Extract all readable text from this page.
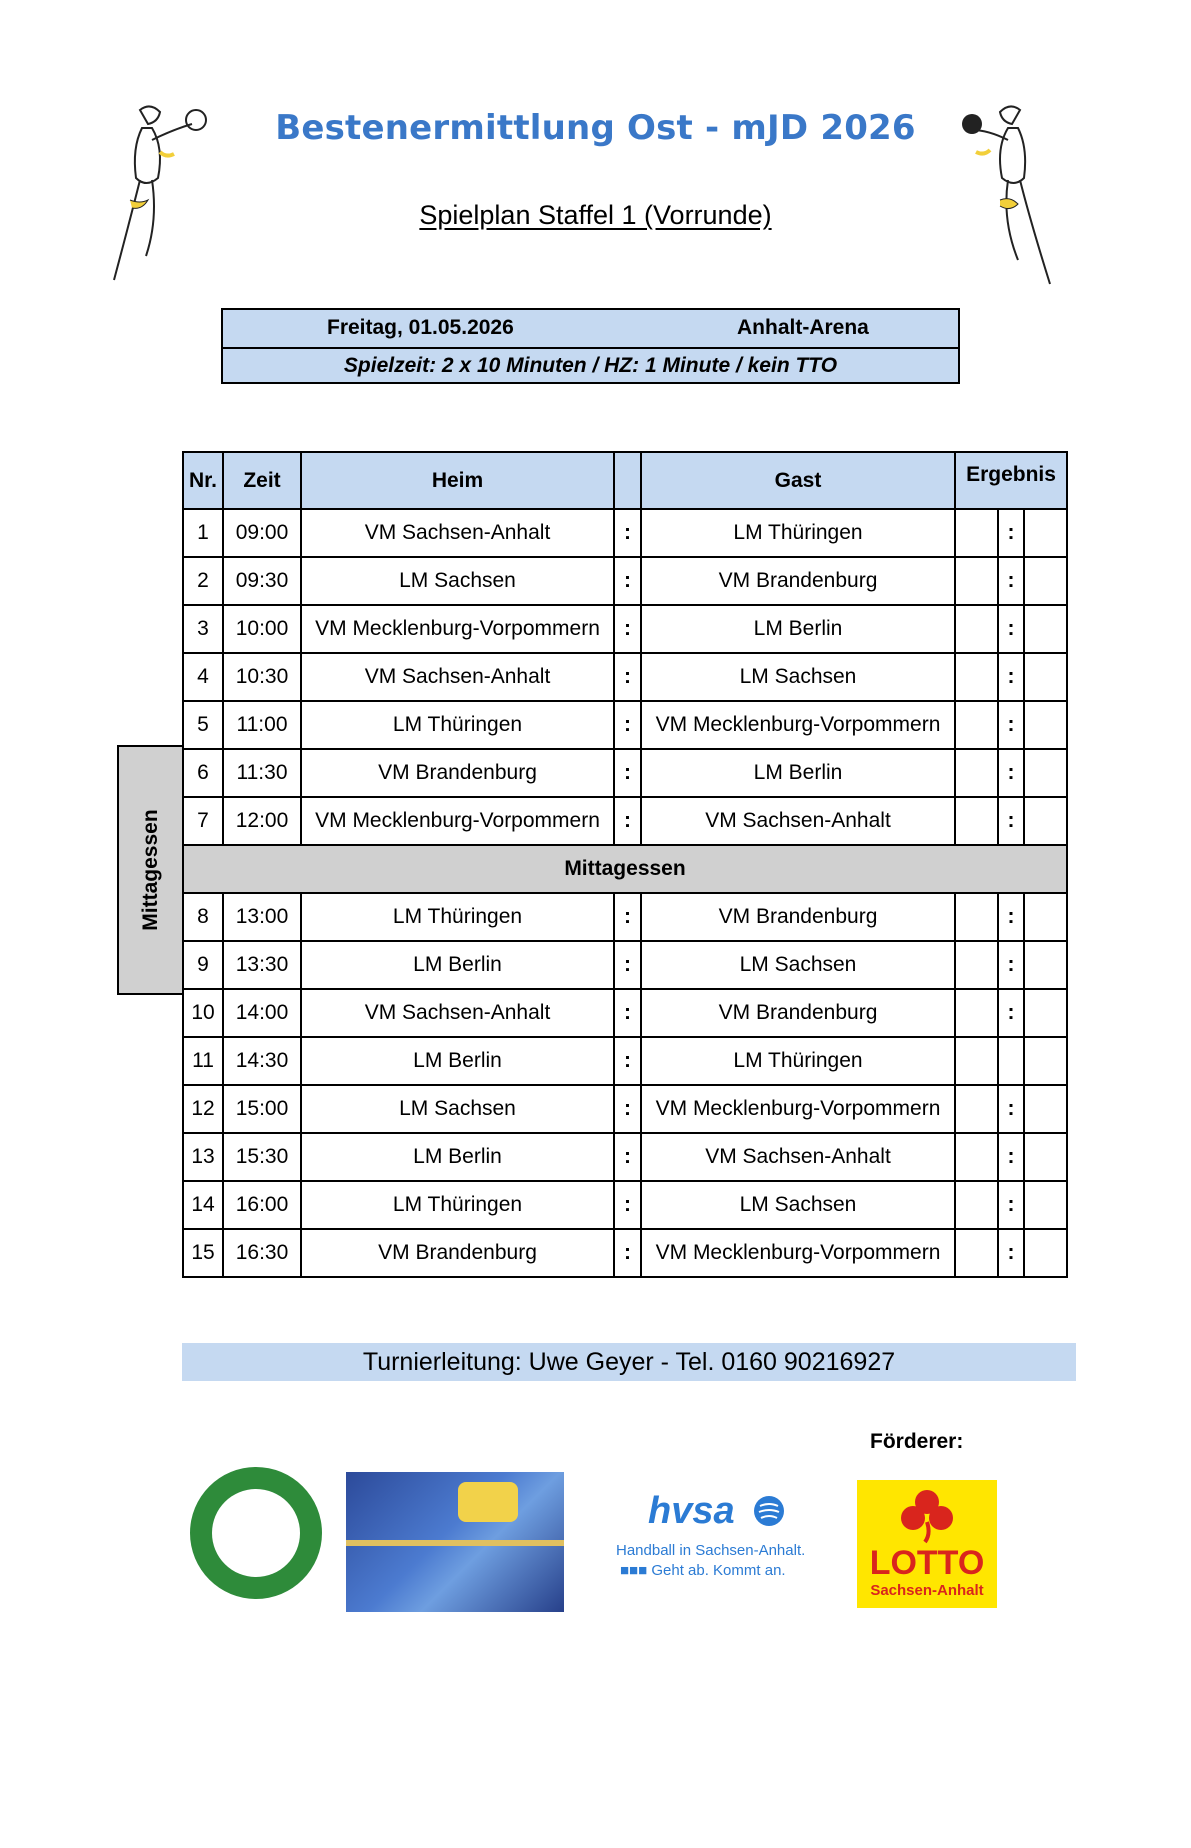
Bestenermittlung Ost - mJD 2026
Spielplan Staffel 1 (Vorrunde)
Freitag, 01.05.2026	Anhalt-Arena
Spielzeit: 2 x 10 Minuten / HZ: 1 Minute / kein TTO
Mittagessen
Nr.	Zeit	Heim		Gast	Ergebnis		
1	09:00	VM Sachsen-Anhalt	:	LM Thüringen		:	
2	09:30	LM Sachsen	:	VM Brandenburg		:	
3	10:00	VM Mecklenburg-Vorpommern	:	LM Berlin		:	
4	10:30	VM Sachsen-Anhalt	:	LM Sachsen		:	
5	11:00	LM Thüringen	:	VM Mecklenburg-Vorpommern		:	
6	11:30	VM Brandenburg	:	LM Berlin		:	
7	12:00	VM Mecklenburg-Vorpommern	:	VM Sachsen-Anhalt		:	
Mittagessen							
8	13:00	LM Thüringen	:	VM Brandenburg		:	
9	13:30	LM Berlin	:	LM Sachsen		:	
10	14:00	VM Sachsen-Anhalt	:	VM Brandenburg		:	
11	14:30	LM Berlin	:	LM Thüringen			
12	15:00	LM Sachsen	:	VM Mecklenburg-Vorpommern		:	
13	15:30	LM Berlin	:	VM Sachsen-Anhalt		:	
14	16:00	LM Thüringen	:	LM Sachsen		:	
15	16:30	VM Brandenburg	:	VM Mecklenburg-Vorpommern		:	
Turnierleitung: Uwe Geyer - Tel. 0160 90216927
Förderer:
hvsa
Handball in Sachsen-Anhalt.
■■■ Geht ab. Kommt an.	LOTTO
Sachsen-Anhalt
